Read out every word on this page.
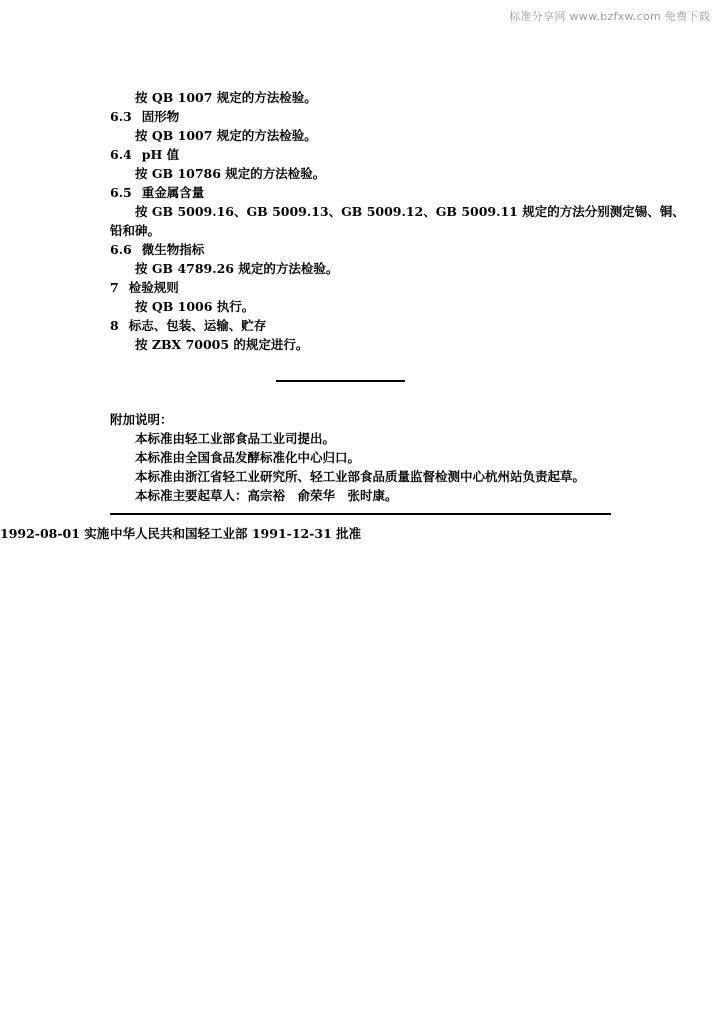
标准分享网 www.bzfxw.com 免费下载
按 QB 1007 规定的方法检验。
6.3 固形物
按 QB 1007 规定的方法检验。
6.4 pH 值
按 GB 10786 规定的方法检验。
6.5 重金属含量
按 GB 5009.16、GB 5009.13、GB 5009.12、GB 5009.11 规定的方法分别测定锡、铜、
铅和砷。
6.6 微生物指标
按 GB 4789.26 规定的方法检验。
7 检验规则
按 QB 1006 执行。
8 标志、包装、运输、贮存
按 ZBX 70005 的规定进行。
附加说明：
本标准由轻工业部食品工业司提出。
本标准由全国食品发酵标准化中心归口。
本标准由浙江省轻工业研究所、轻工业部食品质量监督检测中心杭州站负责起草。
本标准主要起草人：高宗裕　俞荣华　张时康。
中华人民共和国轻工业部 1991-12-31 批准
1992-08-01 实施
